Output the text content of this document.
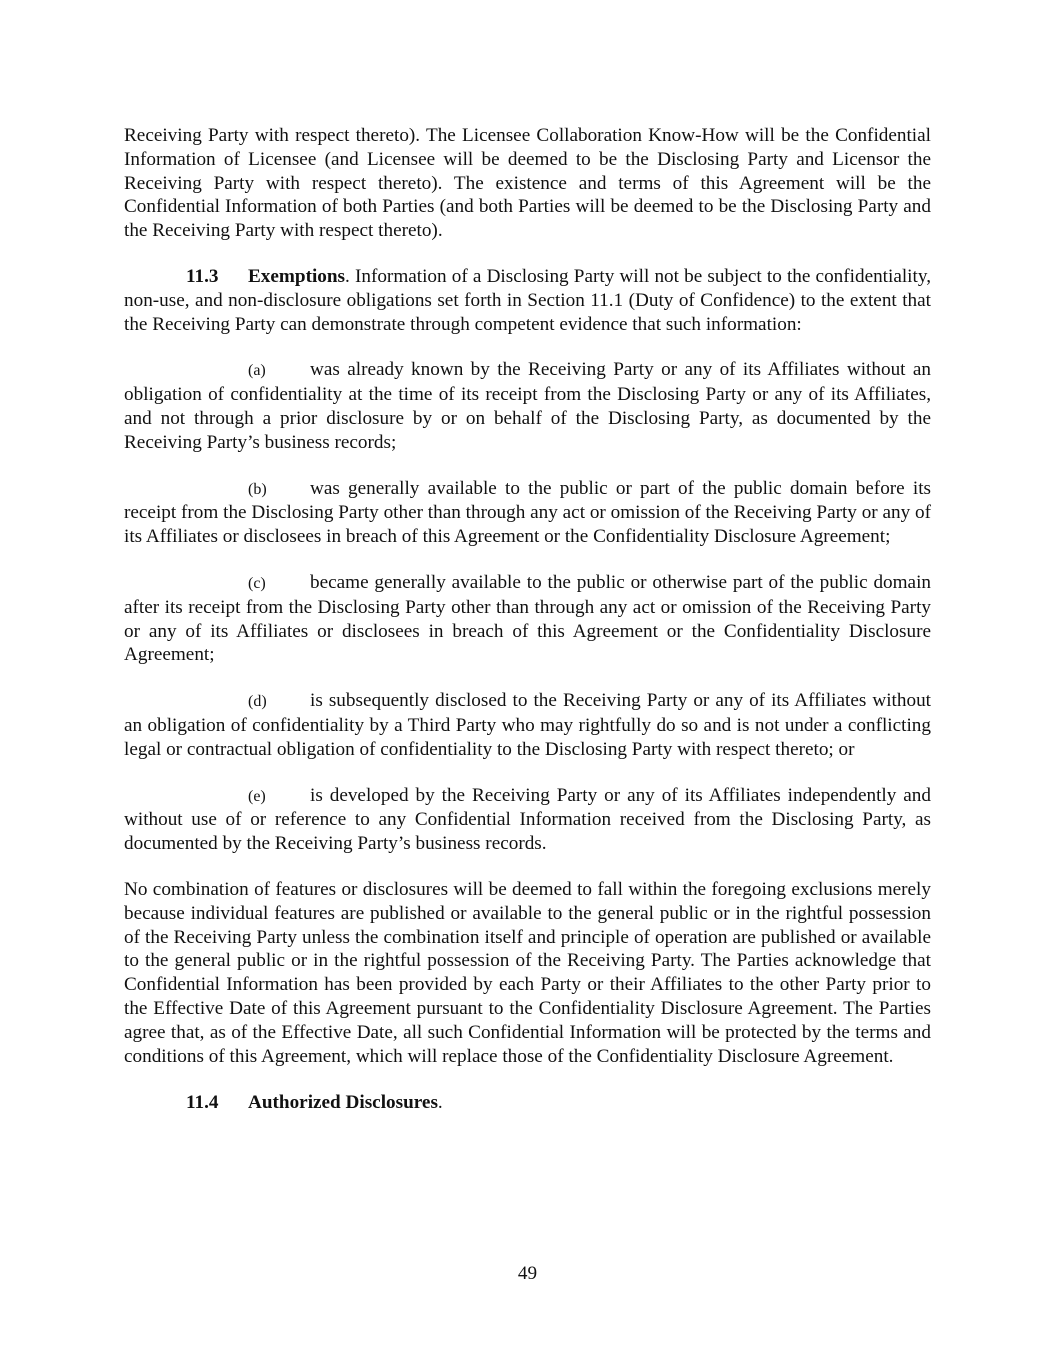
Receiving Party with respect thereto). The Licensee Collaboration Know-How will be the Confidential Information of Licensee (and Licensee will be deemed to be the Disclosing Party and Licensor the Receiving Party with respect thereto). The existence and terms of this Agreement will be the Confidential Information of both Parties (and both Parties will be deemed to be the Disclosing Party and the Receiving Party with respect thereto).

11.3 Exemptions. Information of a Disclosing Party will not be subject to the confidentiality, non-use, and non-disclosure obligations set forth in Section 11.1 (Duty of Confidence) to the extent that the Receiving Party can demonstrate through competent evidence that such information:

(a) was already known by the Receiving Party or any of its Affiliates without an obligation of confidentiality at the time of its receipt from the Disclosing Party or any of its Affiliates, and not through a prior disclosure by or on behalf of the Disclosing Party, as documented by the Receiving Party’s business records;

(b) was generally available to the public or part of the public domain before its receipt from the Disclosing Party other than through any act or omission of the Receiving Party or any of its Affiliates or disclosees in breach of this Agreement or the Confidentiality Disclosure Agreement;

(c) became generally available to the public or otherwise part of the public domain after its receipt from the Disclosing Party other than through any act or omission of the Receiving Party or any of its Affiliates or disclosees in breach of this Agreement or the Confidentiality Disclosure Agreement;

(d) is subsequently disclosed to the Receiving Party or any of its Affiliates without an obligation of confidentiality by a Third Party who may rightfully do so and is not under a conflicting legal or contractual obligation of confidentiality to the Disclosing Party with respect thereto; or

(e) is developed by the Receiving Party or any of its Affiliates independently and without use of or reference to any Confidential Information received from the Disclosing Party, as documented by the Receiving Party’s business records.

No combination of features or disclosures will be deemed to fall within the foregoing exclusions merely because individual features are published or available to the general public or in the rightful possession of the Receiving Party unless the combination itself and principle of operation are published or available to the general public or in the rightful possession of the Receiving Party. The Parties acknowledge that Confidential Information has been provided by each Party or their Affiliates to the other Party prior to the Effective Date of this Agreement pursuant to the Confidentiality Disclosure Agreement. The Parties agree that, as of the Effective Date, all such Confidential Information will be protected by the terms and conditions of this Agreement, which will replace those of the Confidentiality Disclosure Agreement.

11.4 Authorized Disclosures.

49
